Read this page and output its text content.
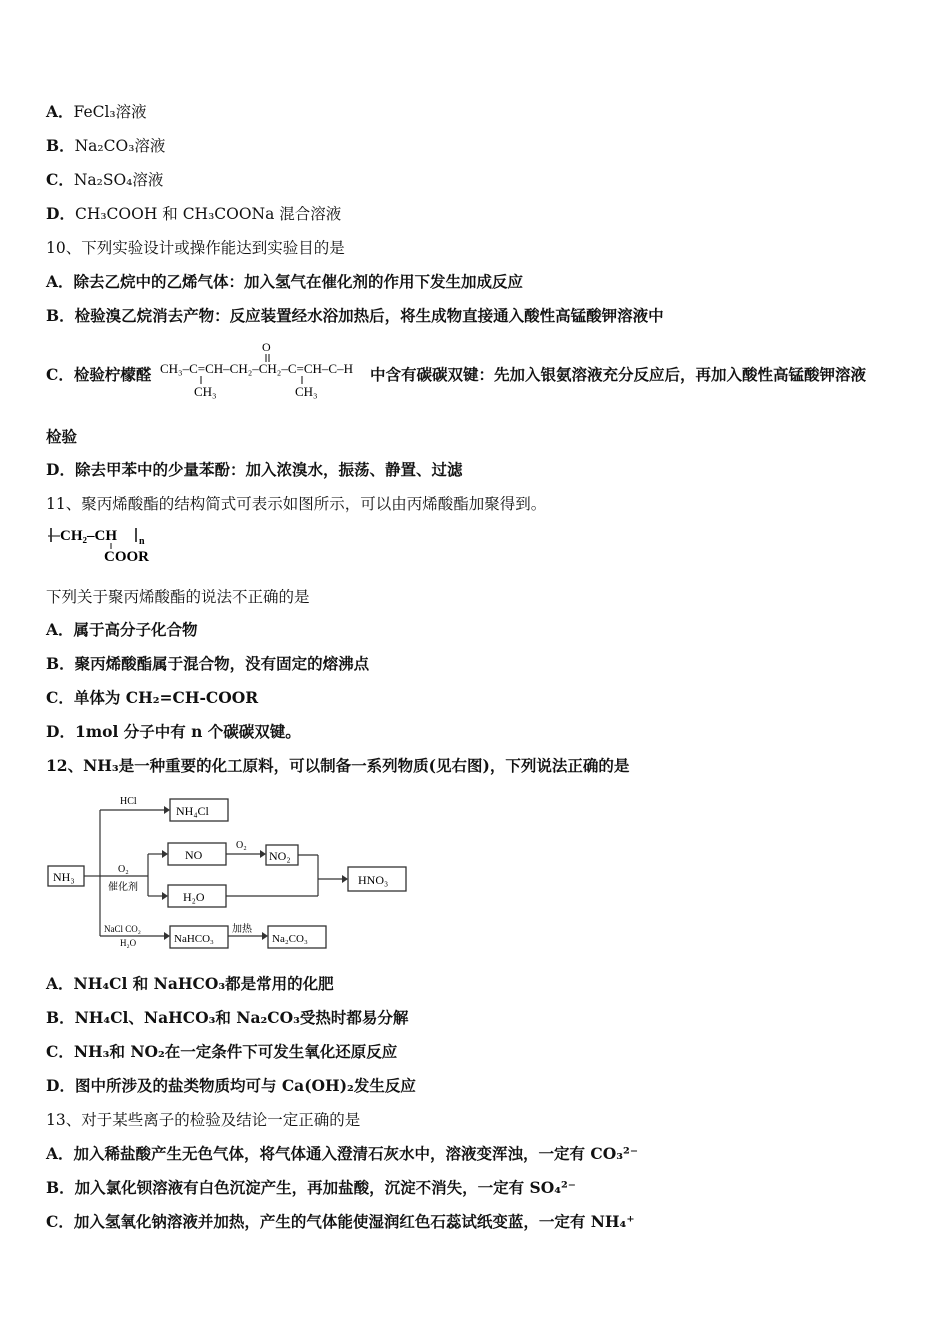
A．FeCl₃溶液
B．Na₂CO₃溶液
C．Na₂SO₄溶液
D．CH₃COOH 和 CH₃COONa 混合溶液
10、下列实验设计或操作能达到实验目的是
A．除去乙烷中的乙烯气体：加入氢气在催化剂的作用下发生加成反应
B．检验溴乙烷消去产物：反应装置经水浴加热后，将生成物直接通入酸性高锰酸钾溶液中
C．检验柠檬醛
O
CH₃–C=CH–CH₂–CH₂–C=CH–C–H
CH₃	CH₃
中含有碳碳双键：先加入银氨溶液充分反应后，再加入酸性高锰酸钾溶液
检验
D．除去甲苯中的少量苯酚：加入浓溴水，振荡、静置、过滤
11、聚丙烯酸酯的结构简式可表示如图所示，可以由丙烯酸酯加聚得到。
CH₂–CH n
COOR
下列关于聚丙烯酸酯的说法不正确的是
A．属于高分子化合物
B．聚丙烯酸酯属于混合物，没有固定的熔沸点
C．单体为 CH₂=CH-COOR
D．1mol 分子中有 n 个碳碳双键。
12、NH₃是一种重要的化工原料，可以制备一系列物质(见右图)，下列说法正确的是
NH₃
HCl
NH₄Cl
O₂
催化剂
NO
H₂O
O₂
NO₂
HNO₃
NaCl CO₂
H₂O	NaHCO₃
加热
Na₂CO₃
A．NH₄Cl 和 NaHCO₃都是常用的化肥
B．NH₄Cl、NaHCO₃和 Na₂CO₃受热时都易分解
C．NH₃和 NO₂在一定条件下可发生氧化还原反应
D．图中所涉及的盐类物质均可与 Ca(OH)₂发生反应
13、对于某些离子的检验及结论一定正确的是
A．加入稀盐酸产生无色气体，将气体通入澄清石灰水中，溶液变浑浊，一定有 CO₃²⁻
B．加入氯化钡溶液有白色沉淀产生，再加盐酸，沉淀不消失，一定有 SO₄²⁻
C．加入氢氧化钠溶液并加热，产生的气体能使湿润红色石蕊试纸变蓝，一定有 NH₄⁺
